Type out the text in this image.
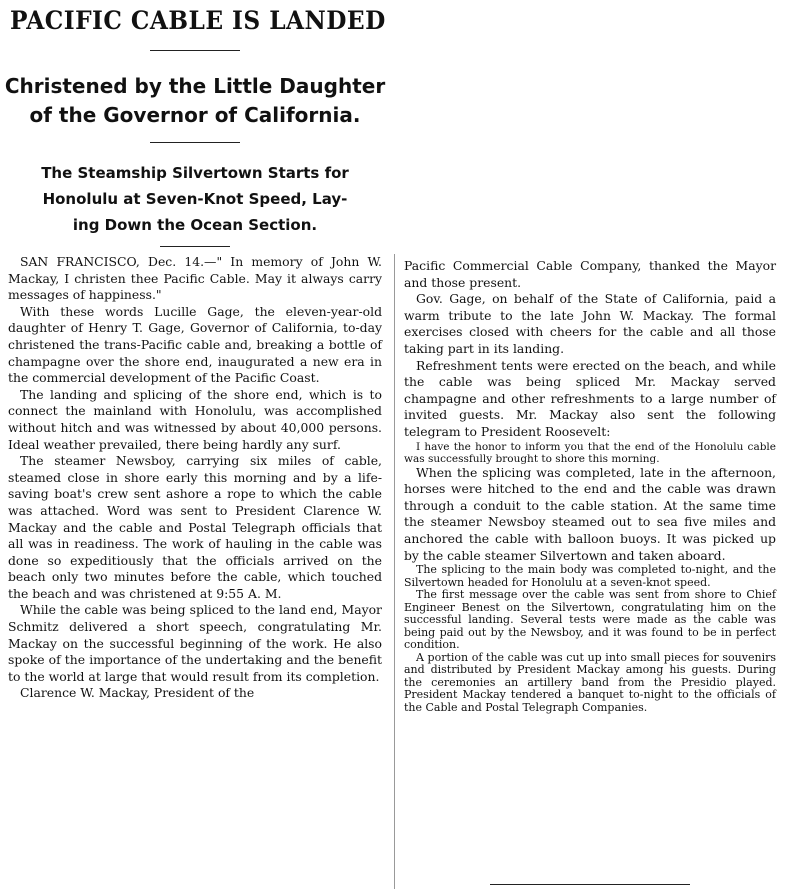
PACIFIC CABLE IS LANDED
Christened by the Little Daughter
of the Governor of California.
The Steamship Silvertown Starts for
Honolulu at Seven-Knot Speed, Lay-
ing Down the Ocean Section.

SAN FRANCISCO, Dec. 14.—" In memory of John W. Mackay, I christen thee Pacific Cable. May it always carry messages of happiness."

With these words Lucille Gage, the eleven-year-old daughter of Henry T. Gage, Governor of California, to-day christened the trans-Pacific cable and, breaking a bottle of champagne over the shore end, inaugurated a new era in the commercial development of the Pacific Coast.

The landing and splicing of the shore end, which is to connect the mainland with Honolulu, was accomplished without hitch and was witnessed by about 40,000 persons. Ideal weather prevailed, there being hardly any surf.

The steamer Newsboy, carrying six miles of cable, steamed close in shore early this morning and by a life-saving boat's crew sent ashore a rope to which the cable was attached. Word was sent to President Clarence W. Mackay and the cable and Postal Telegraph officials that all was in readiness. The work of hauling in the cable was done so expeditiously that the officials arrived on the beach only two minutes before the cable, which touched the beach and was christened at 9:55 A. M.

While the cable was being spliced to the land end, Mayor Schmitz delivered a short speech, congratulating Mr. Mackay on the successful beginning of the work. He also spoke of the importance of the undertaking and the benefit to the world at large that would result from its completion.

Clarence W. Mackay, President of the

Pacific Commercial Cable Company, thanked the Mayor and those present.

Gov. Gage, on behalf of the State of California, paid a warm tribute to the late John W. Mackay. The formal exercises closed with cheers for the cable and all those taking part in its landing.

Refreshment tents were erected on the beach, and while the cable was being spliced Mr. Mackay served champagne and other refreshments to a large number of invited guests. Mr. Mackay also sent the following telegram to President Roosevelt:

I have the honor to inform you that the end of the Honolulu cable was successfully brought to shore this morning.

When the splicing was completed, late in the afternoon, horses were hitched to the end and the cable was drawn through a conduit to the cable station. At the same time the steamer Newsboy steamed out to sea five miles and anchored the cable with balloon buoys. It was picked up by the cable steamer Silvertown and taken aboard.

The splicing to the main body was completed to-night, and the Silvertown headed for Honolulu at a seven-knot speed.

The first message over the cable was sent from shore to Chief Engineer Benest on the Silvertown, congratulating him on the successful landing. Several tests were made as the cable was being paid out by the Newsboy, and it was found to be in perfect condition.

A portion of the cable was cut up into small pieces for souvenirs and distributed by President Mackay among his guests. During the ceremonies an artillery band from the Presidio played. President Mackay tendered a banquet to-night to the officials of the Cable and Postal Telegraph Companies.
